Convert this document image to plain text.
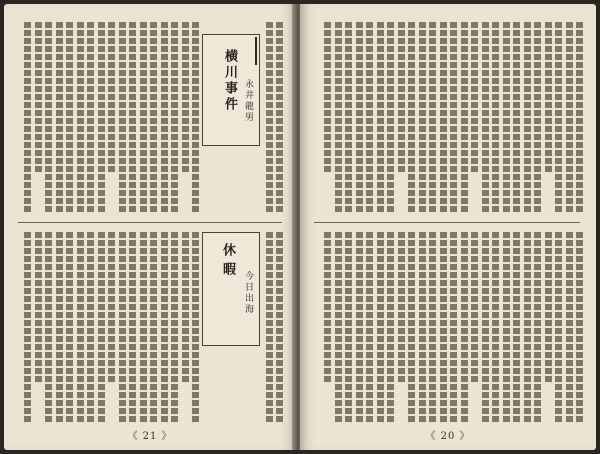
横川事件 永井龍男
休暇
今日出海
《 21 》	《 20 》
